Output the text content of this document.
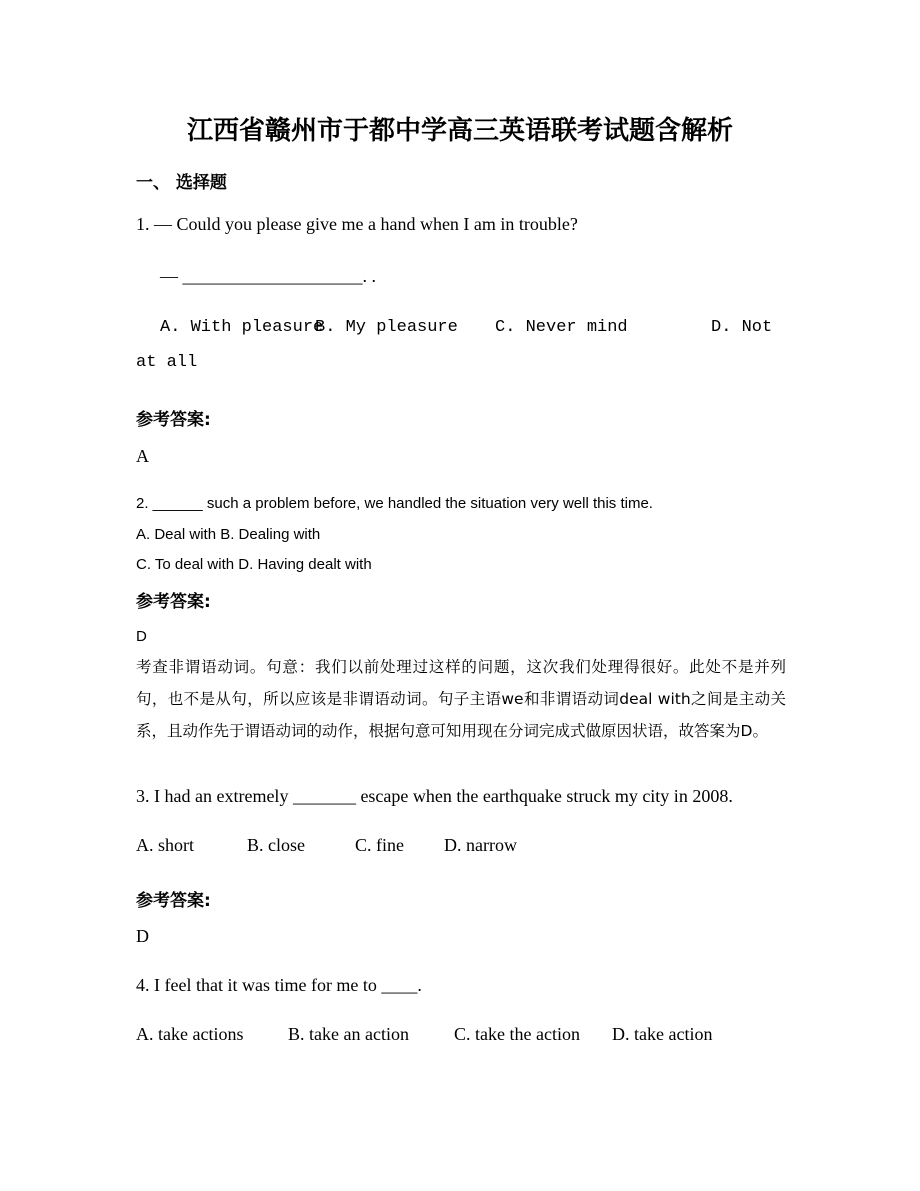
江西省赣州市于都中学高三英语联考试题含解析
一、 选择题
1. — Could you please give me a hand when I am in trouble?
— ____________________. .
A. With pleasure
B. My pleasure C. Never mind	D. Not
at all
参考答案:
A
2. ______ such a problem before, we handled the situation very well this time.
A. Deal with B. Dealing with
C. To deal with D. Having dealt with
参考答案:
D
考查非谓语动词。句意：我们以前处理过这样的问题，这次我们处理得很好。此处不是并列句，也不是从句，所以应该是非谓语动词。句子主语we和非谓语动词deal with之间是主动关系，且动作先于谓语动词的动作，根据句意可知用现在分词完成式做原因状语，故答案为D。
3. I had an extremely _______ escape when the earthquake struck my city in 2008.
A. short	B. close	C. fine D. narrow
参考答案:
D
4. I feel that it was time for me to ____.
A. take actions B. take an action	C. take the action D. take action
